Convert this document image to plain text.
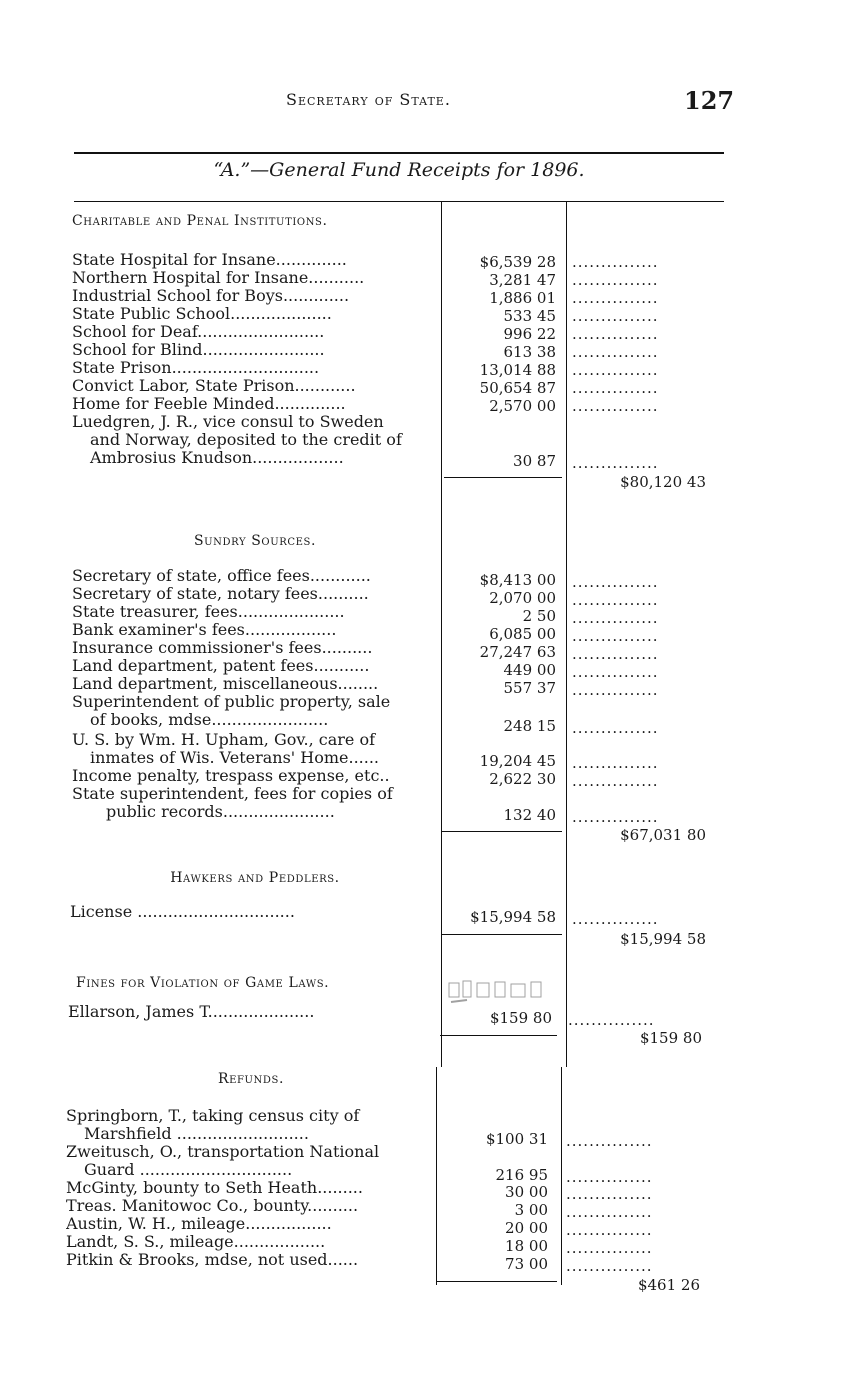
Secretary of State.	127
“A.”—General Fund Receipts for 1896.
Charitable and Penal Institutions.
State Hospital for Insane..............	$6,539 28 ...............
Northern Hospital for Insane...........	3,281 47 ...............
Industrial School for Boys.............	1,886 01 ...............
State Public School....................	533 45 ...............
School for Deaf.........................	996 22 ...............
School for Blind........................	613 38 ...............
State Prison.............................	13,014 88 ...............
Convict Labor, State Prison............	50,654 87 ...............
Home for Feeble Minded..............	2,570 00 ...............
Luedgren, J. R., vice consul to Sweden
and Norway, deposited to the credit of
Ambrosius Knudson..................	30 87 ...............
$80,120 43
Sundry Sources.
Secretary of state, office fees............	$8,413 00 ...............
Secretary of state, notary fees..........	2,070 00 ...............
State treasurer, fees.....................	2 50 ...............
Bank examiner's fees..................	6,085 00 ...............
Insurance commissioner's fees..........	27,247 63 ...............
Land department, patent fees...........	449 00 ...............
Land department, miscellaneous........	557 37 ...............
Superintendent of public property, sale
of books, mdse.......................	248 15 ...............
U. S. by Wm. H. Upham, Gov., care of
inmates of Wis. Veterans' Home......	19,204 45 ...............
Income penalty, trespass expense, etc..	2,622 30 ...............
State superintendent, fees for copies of
public records......................	132 40 ...............
$67,031 80
Hawkers and Peddlers.
License ...............................	$15,994 58 ...............
$15,994 58
Fines for Violation of Game Laws.
Ellarson, James T.....................	$159 80 ...............
$159 80
Refunds.
Springborn, T., taking census city of
Marshfield ..........................	$100 31 ...............
Zweitusch, O., transportation National
Guard ..............................	216 95 ...............
McGinty, bounty to Seth Heath.........	30 00 ...............
Treas. Manitowoc Co., bounty..........	3 00 ...............
Austin, W. H., mileage.................	20 00 ...............
Landt, S. S., mileage..................	18 00 ...............
Pitkin & Brooks, mdse, not used......	73 00 ...............
$461 26
